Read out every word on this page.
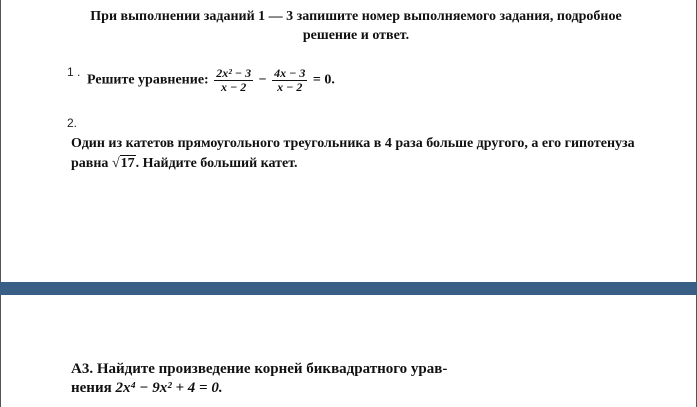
При выполнении заданий 1 — 3 запишите номер выполняемого задания, подробное
решение и ответ.
1 .
Решите уравнение: $\frac{\text{2x² − 3}}{x - 2} - \frac{4x - 3}{x - 2} = 0$.
2.
Один из катетов прямоугольного треугольника в 4 раза больше другого, а его гипотенуза
равна √17. Найдите больший катет.
А3. Найдите произведение корней биквадратного урав-
нения 2x⁴ − 9x² + 4 = 0.
